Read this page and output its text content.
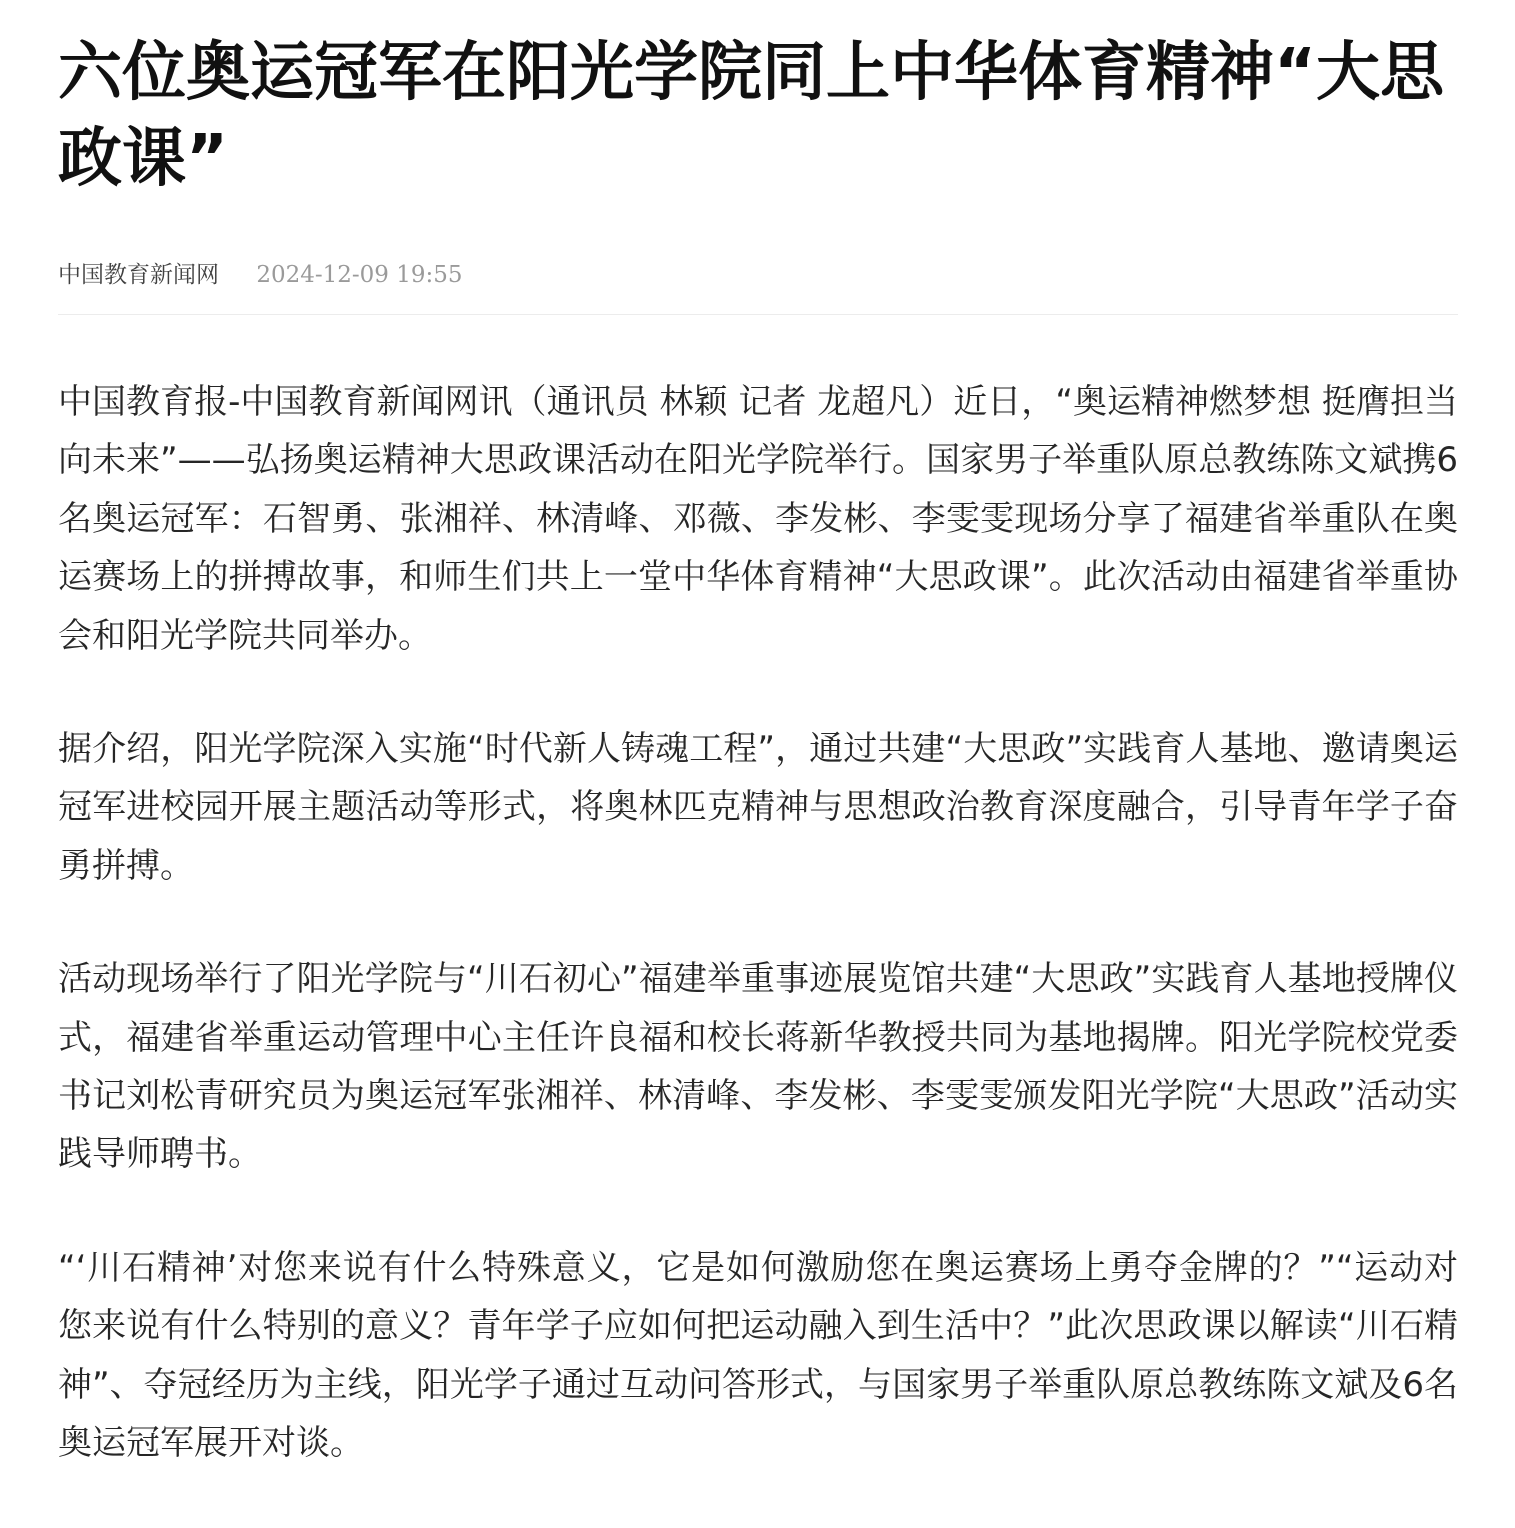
六位奥运冠军在阳光学院同上中华体育精神“大思政课”
中国教育新闻网 2024-12-09 19:55

中国教育报-中国教育新闻网讯（通讯员 林颖 记者 龙超凡）近日，“奥运精神燃梦想 挺膺担当向未来”——弘扬奥运精神大思政课活动在阳光学院举行。国家男子举重队原总教练陈文斌携6名奥运冠军：石智勇、张湘祥、林清峰、邓薇、李发彬、李雯雯现场分享了福建省举重队在奥运赛场上的拼搏故事，和师生们共上一堂中华体育精神“大思政课”。此次活动由福建省举重协会和阳光学院共同举办。

据介绍，阳光学院深入实施“时代新人铸魂工程”，通过共建“大思政”实践育人基地、邀请奥运冠军进校园开展主题活动等形式，将奥林匹克精神与思想政治教育深度融合，引导青年学子奋勇拼搏。

活动现场举行了阳光学院与“川石初心”福建举重事迹展览馆共建“大思政”实践育人基地授牌仪式，福建省举重运动管理中心主任许良福和校长蒋新华教授共同为基地揭牌。阳光学院校党委书记刘松青研究员为奥运冠军张湘祥、林清峰、李发彬、李雯雯颁发阳光学院“大思政”活动实践导师聘书。

“‘川石精神’对您来说有什么特殊意义，它是如何激励您在奥运赛场上勇夺金牌的？”“运动对您来说有什么特别的意义？青年学子应如何把运动融入到生活中？”此次思政课以解读“川石精神”、夺冠经历为主线，阳光学子通过互动问答形式，与国家男子举重队原总教练陈文斌及6名奥运冠军展开对谈。
